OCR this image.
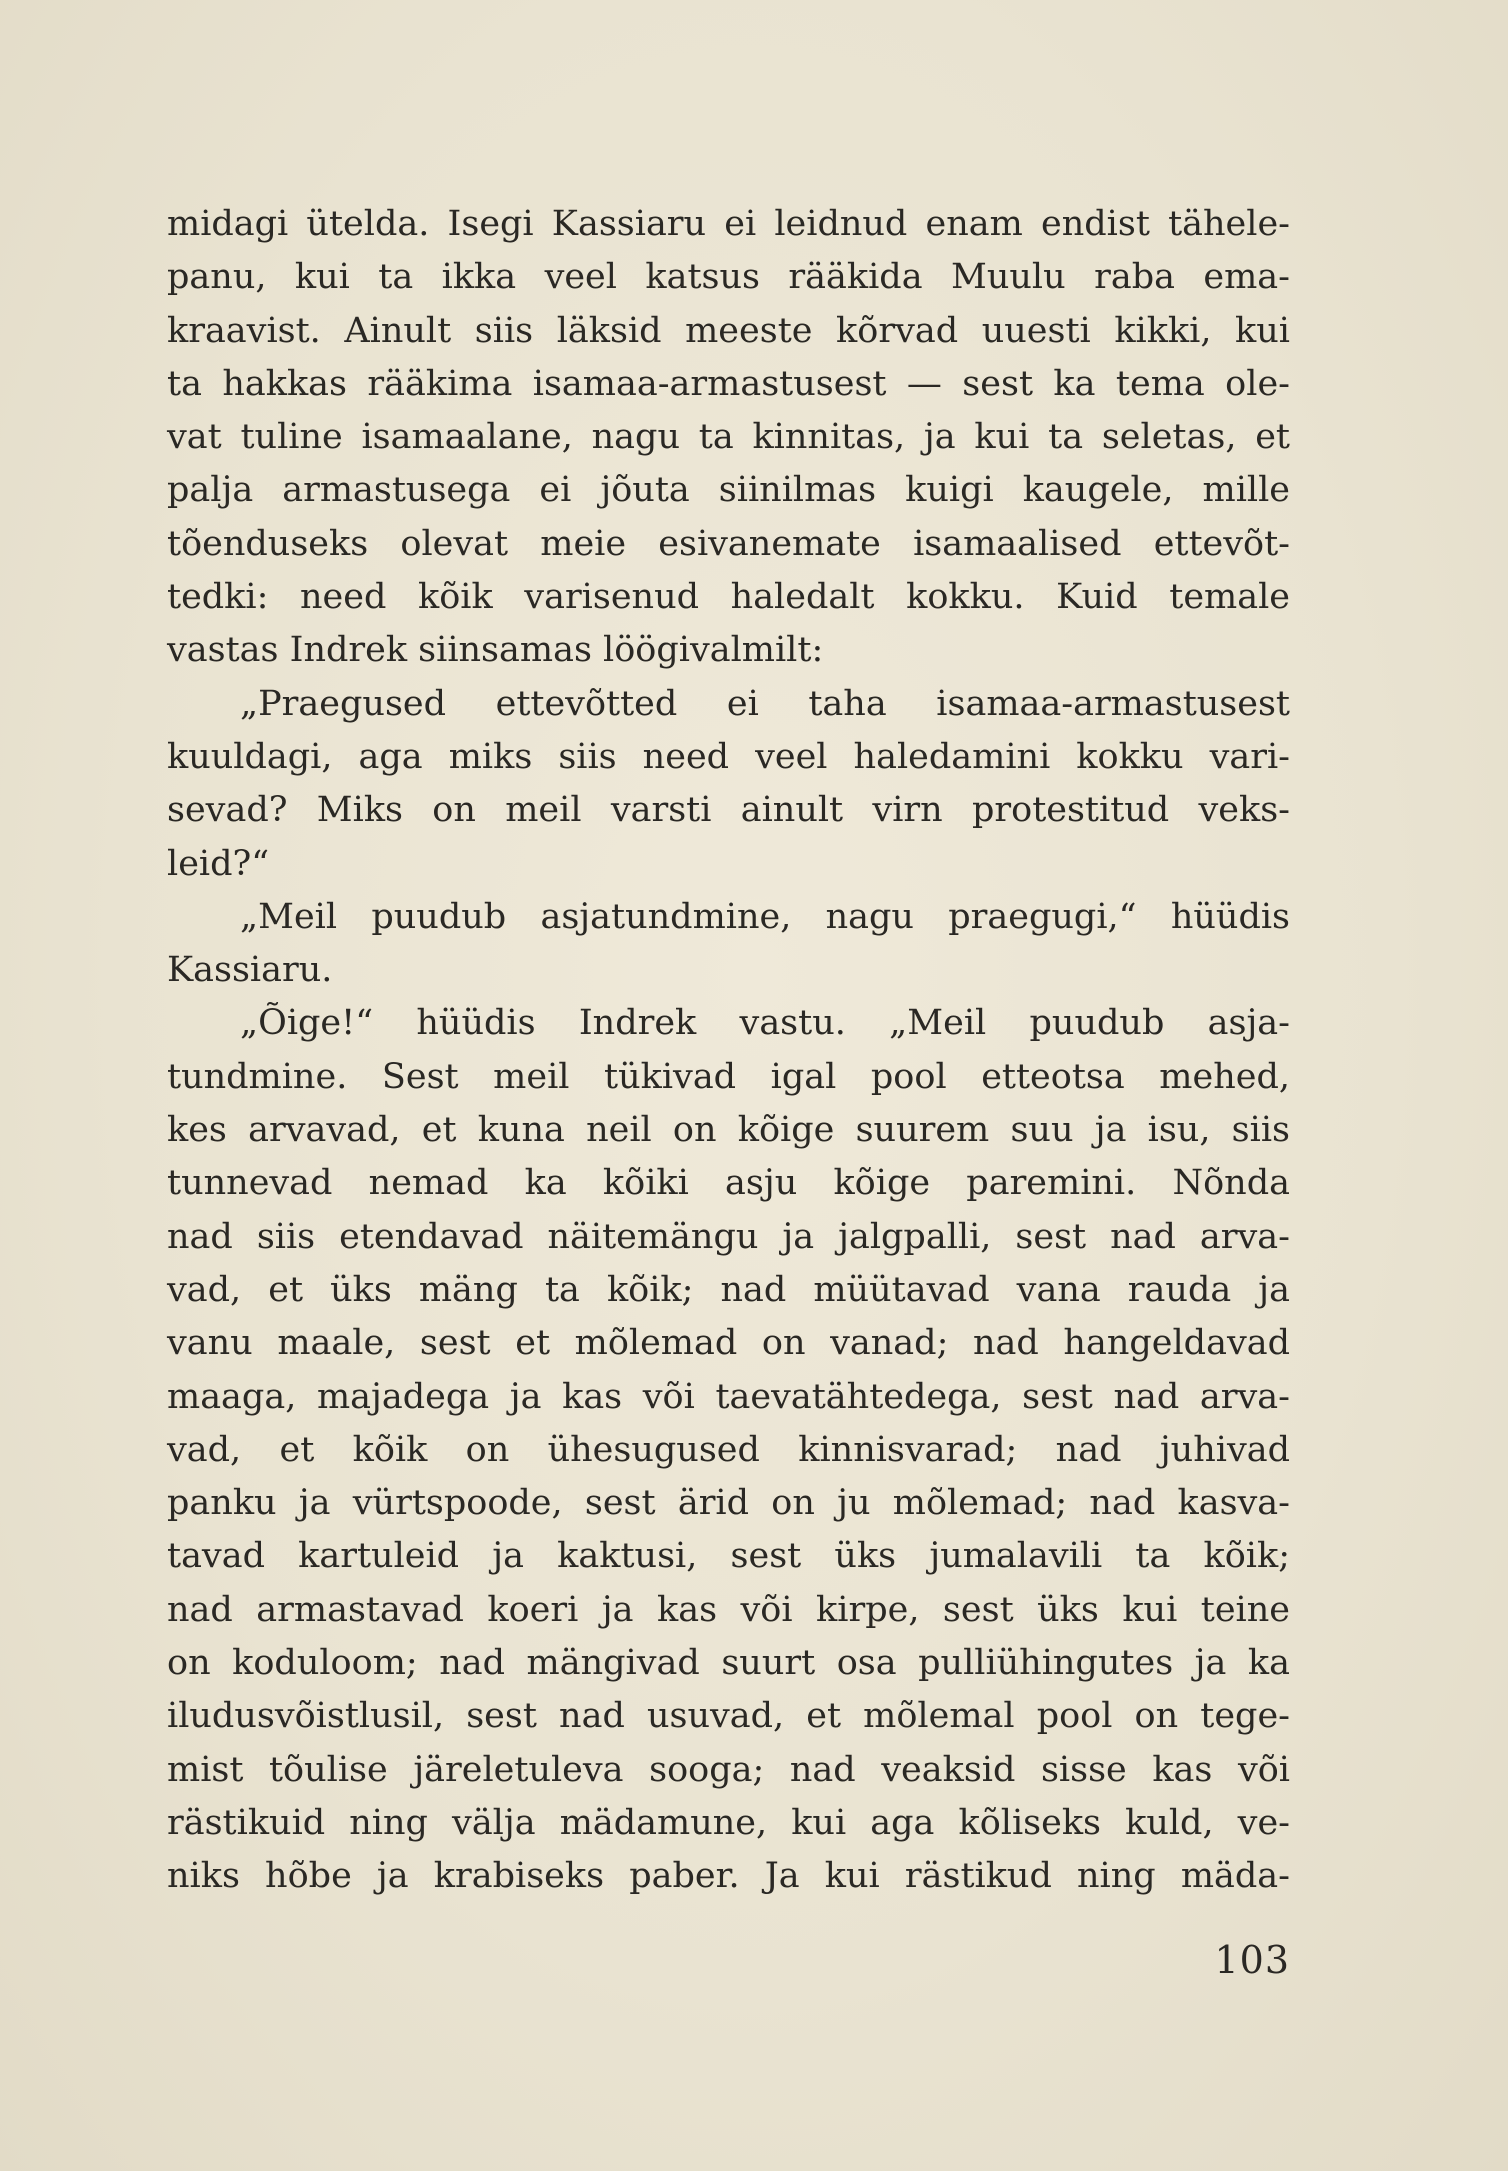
midagi ütelda. Isegi Kassiaru ei leidnud enam endist tähele-
panu, kui ta ikka veel katsus rääkida Muulu raba ema-
kraavist. Ainult siis läksid meeste kõrvad uuesti kikki, kui
ta hakkas rääkima isamaa-armastusest — sest ka tema ole-
vat tuline isamaalane, nagu ta kinnitas, ja kui ta seletas, et
palja armastusega ei jõuta siinilmas kuigi kaugele, mille
tõenduseks olevat meie esivanemate isamaalised ettevõt-
tedki: need kõik varisenud haledalt kokku. Kuid temale
vastas Indrek siinsamas löögivalmilt:
„Praegused ettevõtted ei taha isamaa-armastusest
kuuldagi, aga miks siis need veel haledamini kokku vari-
sevad? Miks on meil varsti ainult virn protestitud veks-
leid?“
„Meil puudub asjatundmine, nagu praegugi,“ hüüdis
Kassiaru.
„Õige!“ hüüdis Indrek vastu. „Meil puudub asja-
tundmine. Sest meil tükivad igal pool etteotsa mehed,
kes arvavad, et kuna neil on kõige suurem suu ja isu, siis
tunnevad nemad ka kõiki asju kõige paremini. Nõnda
nad siis etendavad näitemängu ja jalgpalli, sest nad arva-
vad, et üks mäng ta kõik; nad müütavad vana rauda ja
vanu maale, sest et mõlemad on vanad; nad hangeldavad
maaga, majadega ja kas või taevatähtedega, sest nad arva-
vad, et kõik on ühesugused kinnisvarad; nad juhivad
panku ja vürtspoode, sest ärid on ju mõlemad; nad kasva-
tavad kartuleid ja kaktusi, sest üks jumalavili ta kõik;
nad armastavad koeri ja kas või kirpe, sest üks kui teine
on koduloom; nad mängivad suurt osa pulliühingutes ja ka
iludusvõistlusil, sest nad usuvad, et mõlemal pool on tege-
mist tõulise järeletuleva sooga; nad veaksid sisse kas või
rästikuid ning välja mädamune, kui aga kõliseks kuld, ve-
niks hõbe ja krabiseks paber. Ja kui rästikud ning mäda-
103
